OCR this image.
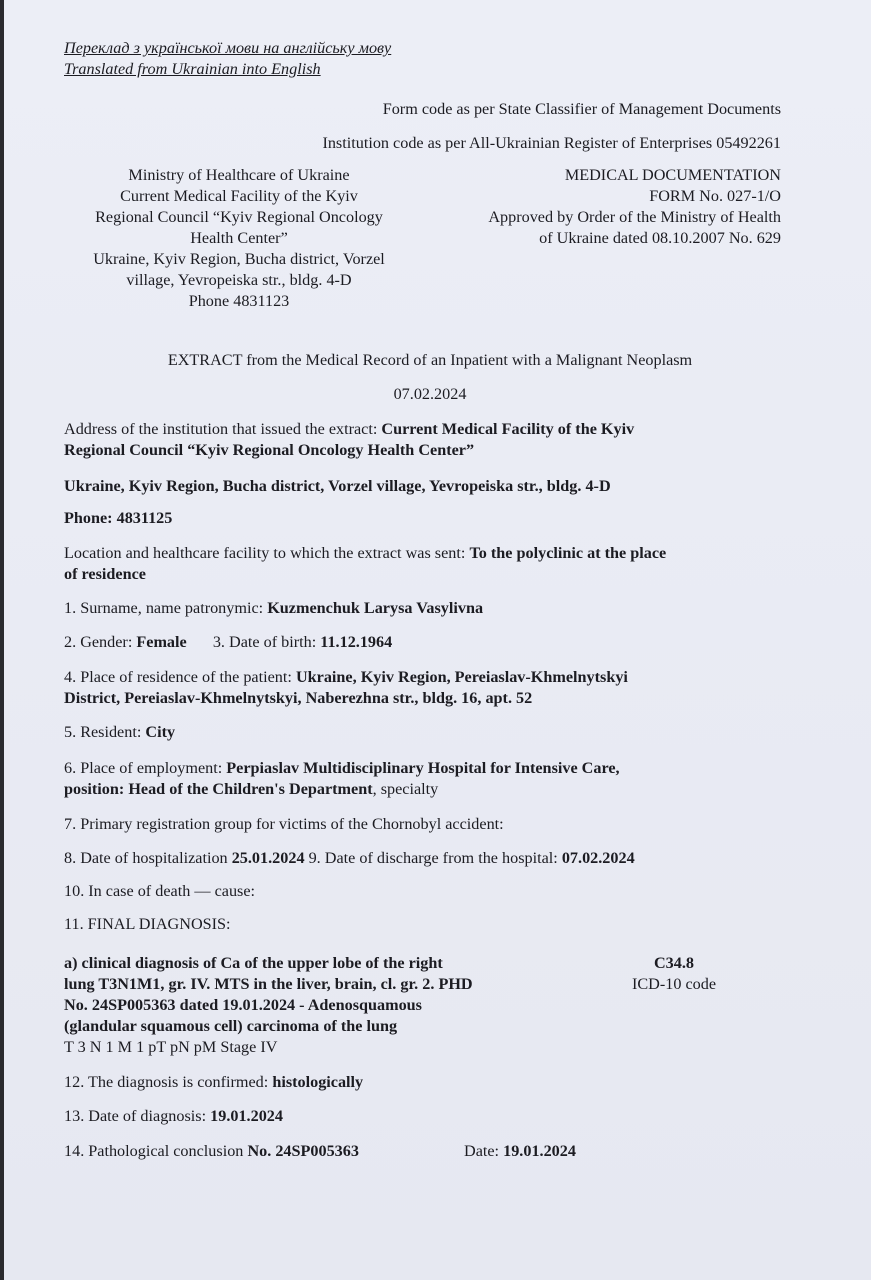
Переклад з української мови на англійську мову
Translated from Ukrainian into English
Form code as per State Classifier of Management Documents
Institution code as per All-Ukrainian Register of Enterprises 05492261
Ministry of Healthcare of Ukraine
Current Medical Facility of the Kyiv
Regional Council “Kyiv Regional Oncology
Health Center”
Ukraine, Kyiv Region, Bucha district, Vorzel
village, Yevropeiska str., bldg. 4-D
Phone 4831123
MEDICAL DOCUMENTATION
FORM No. 027-1/O
Approved by Order of the Ministry of Health
of Ukraine dated 08.10.2007 No. 629
EXTRACT from the Medical Record of an Inpatient with a Malignant Neoplasm
07.02.2024
Address of the institution that issued the extract: Current Medical Facility of the Kyiv
Regional Council “Kyiv Regional Oncology Health Center”
Ukraine, Kyiv Region, Bucha district, Vorzel village, Yevropeiska str., bldg. 4-D
Phone: 4831125
Location and healthcare facility to which the extract was sent: To the polyclinic at the place
of residence
1. Surname, name patronymic: Kuzmenchuk Larysa Vasylivna
2. Gender: Female 3. Date of birth: 11.12.1964
4. Place of residence of the patient: Ukraine, Kyiv Region, Pereiaslav-Khmelnytskyi
District, Pereiaslav-Khmelnytskyi, Naberezhna str., bldg. 16, apt. 52
5. Resident: City
6. Place of employment: Perpiaslav Multidisciplinary Hospital for Intensive Care,
position: Head of the Children's Department, specialty
7. Primary registration group for victims of the Chornobyl accident:
8. Date of hospitalization 25.01.2024 9. Date of discharge from the hospital: 07.02.2024
10. In case of death — cause:
11. FINAL DIAGNOSIS:
a) clinical diagnosis of Ca of the upper lobe of the right
lung T3N1M1, gr. IV. MTS in the liver, brain, cl. gr. 2. PHD
No. 24SP005363 dated 19.01.2024 - Adenosquamous
(glandular squamous cell) carcinoma of the lung
T 3 N 1 M 1 pT pN pM Stage IV
C34.8
ICD-10 code
12. The diagnosis is confirmed: histologically
13. Date of diagnosis: 19.01.2024
14. Pathological conclusion No. 24SP005363	Date: 19.01.2024
